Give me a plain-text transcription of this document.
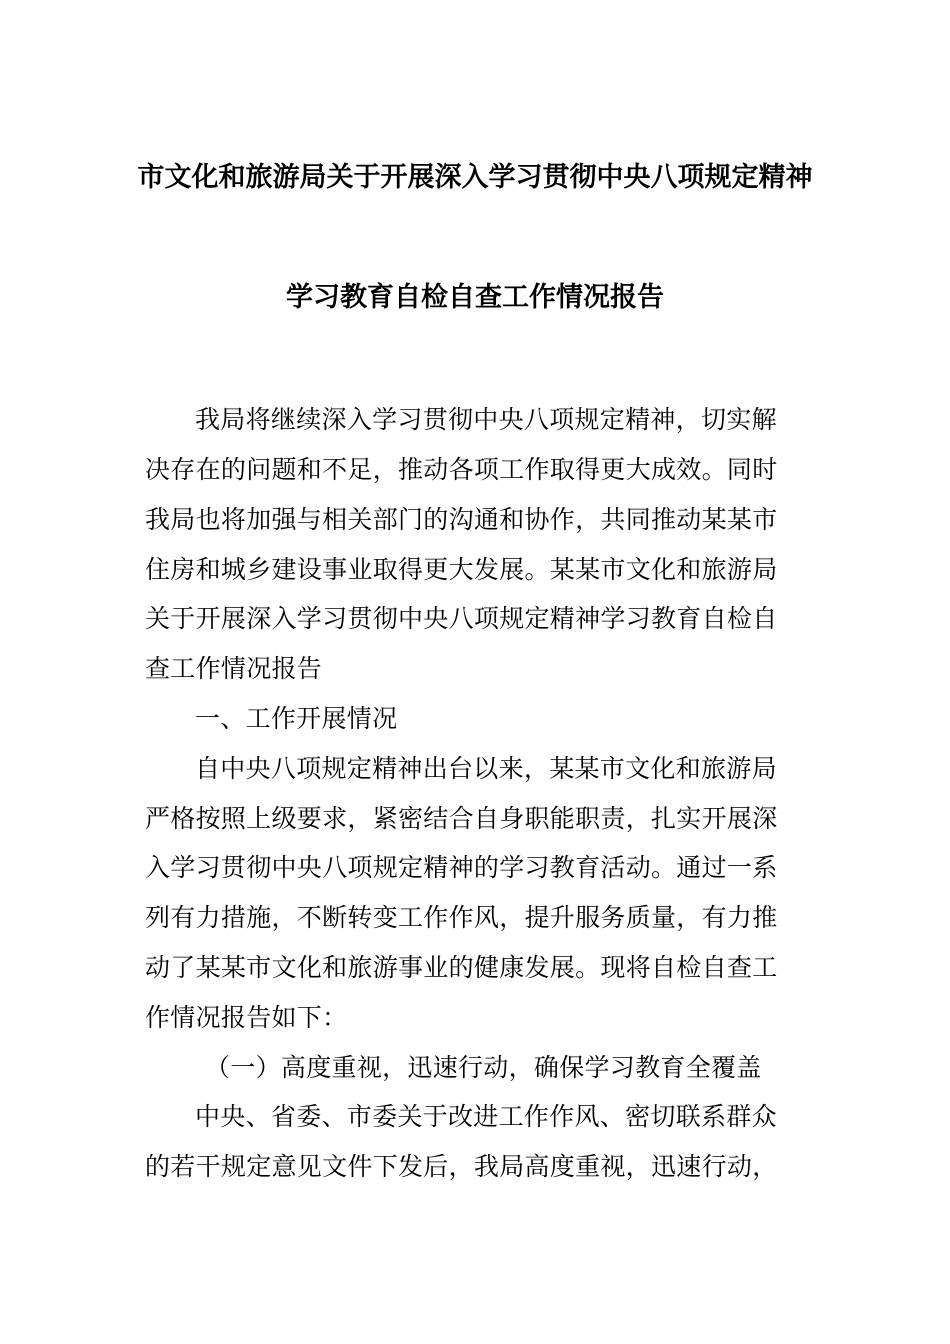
市文化和旅游局关于开展深入学习贯彻中央八项规定精神
学习教育自检自查工作情况报告
我局将继续深入学习贯彻中央八项规定精神，切实解
决存在的问题和不足，推动各项工作取得更大成效。同时
我局也将加强与相关部门的沟通和协作，共同推动某某市
住房和城乡建设事业取得更大发展。某某市文化和旅游局
关于开展深入学习贯彻中央八项规定精神学习教育自检自
查工作情况报告
一、工作开展情况
自中央八项规定精神出台以来，某某市文化和旅游局
严格按照上级要求，紧密结合自身职能职责，扎实开展深
入学习贯彻中央八项规定精神的学习教育活动。通过一系
列有力措施，不断转变工作作风，提升服务质量，有力推
动了某某市文化和旅游事业的健康发展。现将自检自查工
作情况报告如下：
（一）高度重视，迅速行动，确保学习教育全覆盖
中央、省委、市委关于改进工作作风、密切联系群众
的若干规定意见文件下发后，我局高度重视，迅速行动，
